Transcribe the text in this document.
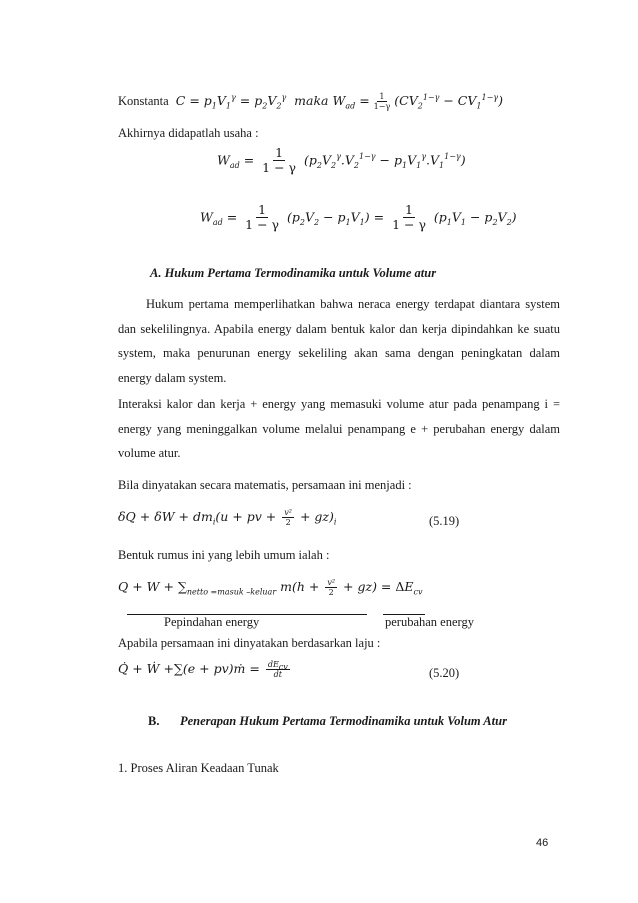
Konstanta  $C = p_1V_1^\gamma = p_2V_2^\gamma$  maka $W_{ad} = \frac{1}{1-\gamma} (CV_2^{1-\gamma} - CV_1^{1-\gamma})$
Akhirnya didapatlah usaha :
$W_{ad} = \frac{1}{1 - \gamma} (p_2V_2^\gamma.V_2^{1-\gamma} - p_1V_1^\gamma.V_1^{1-\gamma})$
$W_{ad} = \frac{1}{1 - \gamma} (p_2V_2 - p_1V_1) = \frac{1}{1 - \gamma} (p_1V_1 - p_2V_2)$
A. Hukum Pertama Termodinamika untuk Volume atur
Hukum pertama memperlihatkan bahwa neraca energy terdapat diantara system dan sekelilingnya. Apabila energy dalam bentuk kalor dan kerja dipindahkan ke suatu system, maka penurunan energy sekeliling akan sama dengan peningkatan dalam energy dalam system.
Interaksi kalor dan kerja + energy yang memasuki volume atur pada penampang i = energy yang meninggalkan volume melalui penampang e + perubahan energy dalam volume atur.
Bila dinyatakan secara matematis, persamaan ini menjadi :
$\delta Q + \delta W + dm_i(u$ + pv + $\frac{\text{v²}}{2} + gz)_i$	(5.19)
Bentuk rumus ini yang lebih umum ialah :
$Q + W + \sum_{netto =masuk -keluar}$ $m(h + \frac{\text{v²}}{2} + gz) = \Delta E_{cv}$
Pepindahan energy	perubahan energy
Apabila persamaan ini dinyatakan berdasarkan laju :
Q̇ + Ẇ +∑(e + pv)ṁ = $\frac{dE_{cv}}{dt}$	(5.20)
B. Penerapan Hukum Pertama Termodinamika untuk Volum Atur
1. Proses Aliran Keadaan Tunak
46
